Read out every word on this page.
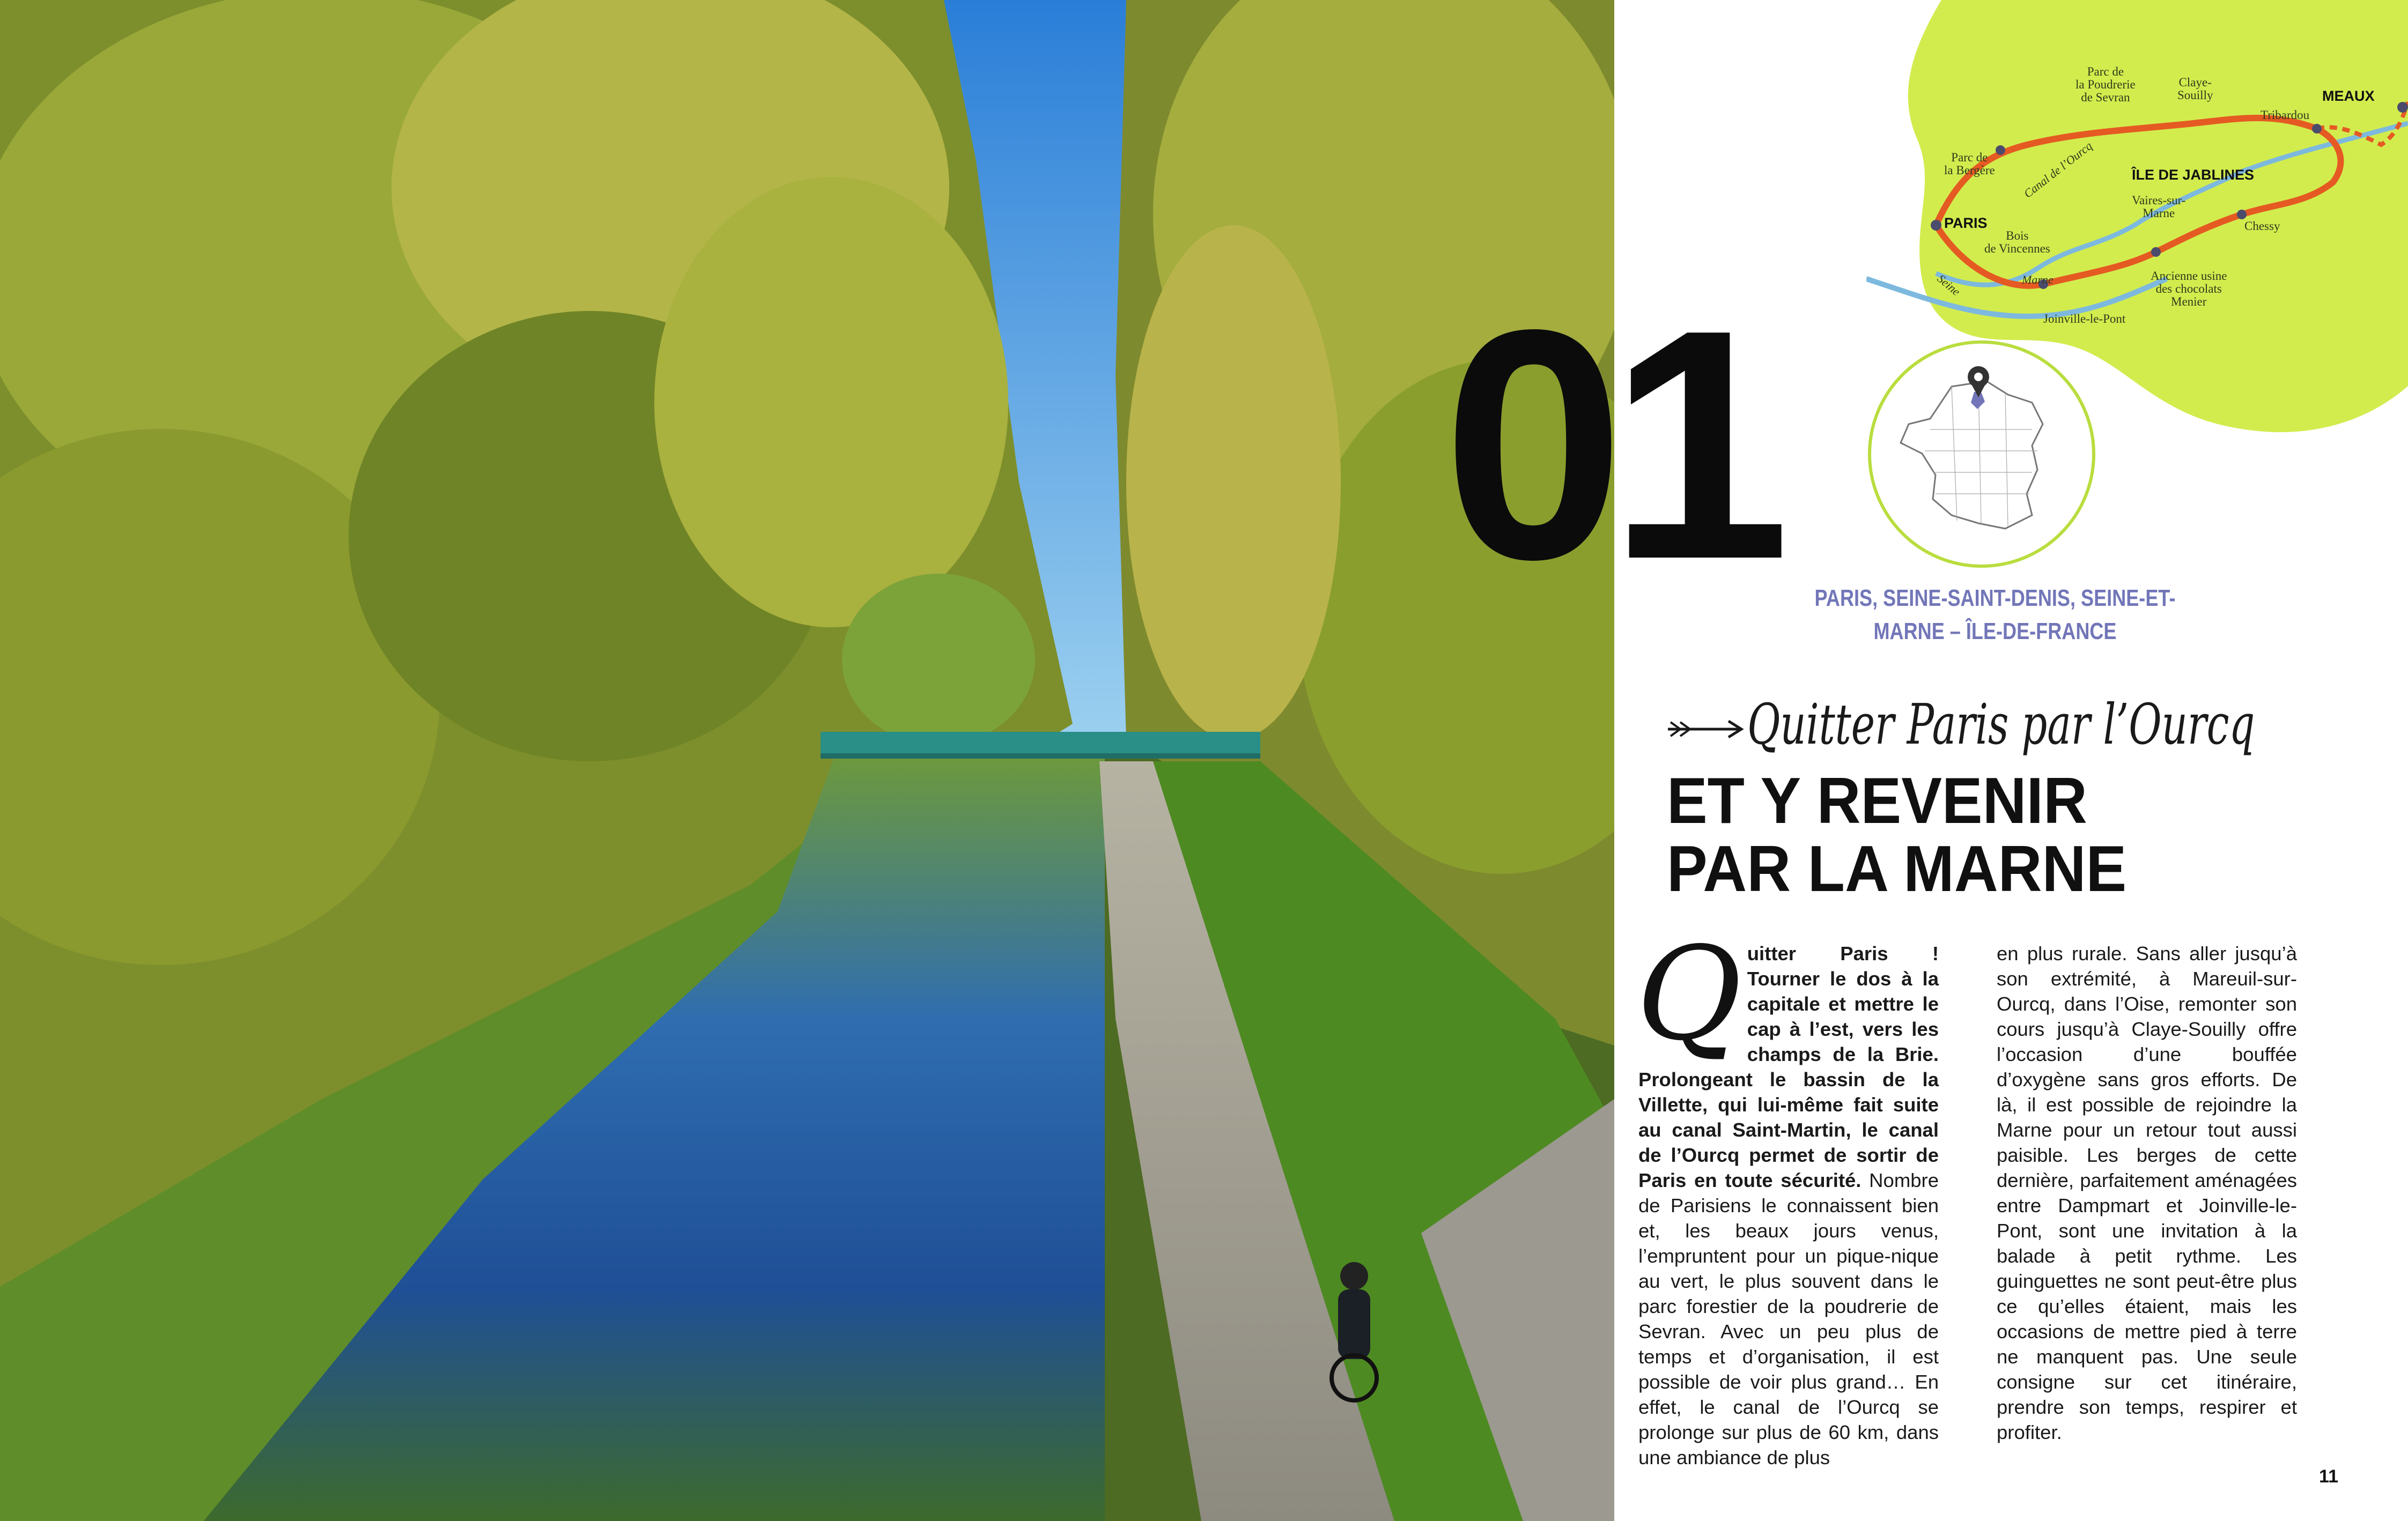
PARIS
MEAUX
ÎLE DE JABLINES
Parc de
la Bergère
Parc de
la Poudrerie
de Sevran
Claye-
Souilly
Tribardou
Canal de l’Ourcq	Vaires-sur-
Marne
Chessy
Bois
de Vincennes
Marne
Seine
Joinville-le-Pont
Ancienne usine
des chocolats
Menier
01	PARIS, SEINE-SAINT-DENIS, SEINE-ET-MARNE – ÎLE-DE-FRANCE
Quitter Paris par l’Ourcq
ET Y REVENIR
PAR LA MARNE
Quitter Paris ! Tourner le dos à la capitale et mettre le cap à l’est, vers les champs de la Brie. Prolongeant le bassin de la Villette, qui lui-même fait suite au canal Saint-Martin, le canal de l’Ourcq permet de sortir de Paris en toute sécurité. Nombre de Parisiens le connaissent bien et, les beaux jours venus, l’empruntent pour un pique-nique au vert, le plus souvent dans le parc forestier de la poudrerie de Sevran. Avec un peu plus de temps et d’organisation, il est possible de voir plus grand… En effet, le canal de l’Ourcq se prolonge sur plus de 60 km, dans une ambiance de plus
en plus rurale. Sans aller jusqu’à son extrémité, à Mareuil-sur-Ourcq, dans l’Oise, remonter son cours jusqu’à Claye-Souilly offre l’occasion d’une bouffée d’oxygène sans gros efforts. De là, il est possible de rejoindre la Marne pour un retour tout aussi paisible. Les berges de cette dernière, parfaitement aménagées entre Dampmart et Joinville-le-Pont, sont une invitation à la balade à petit rythme. Les guinguettes ne sont peut-être plus ce qu’elles étaient, mais les occasions de mettre pied à terre ne manquent pas. Une seule consigne sur cet itinéraire, prendre son temps, respirer et profiter.
11
